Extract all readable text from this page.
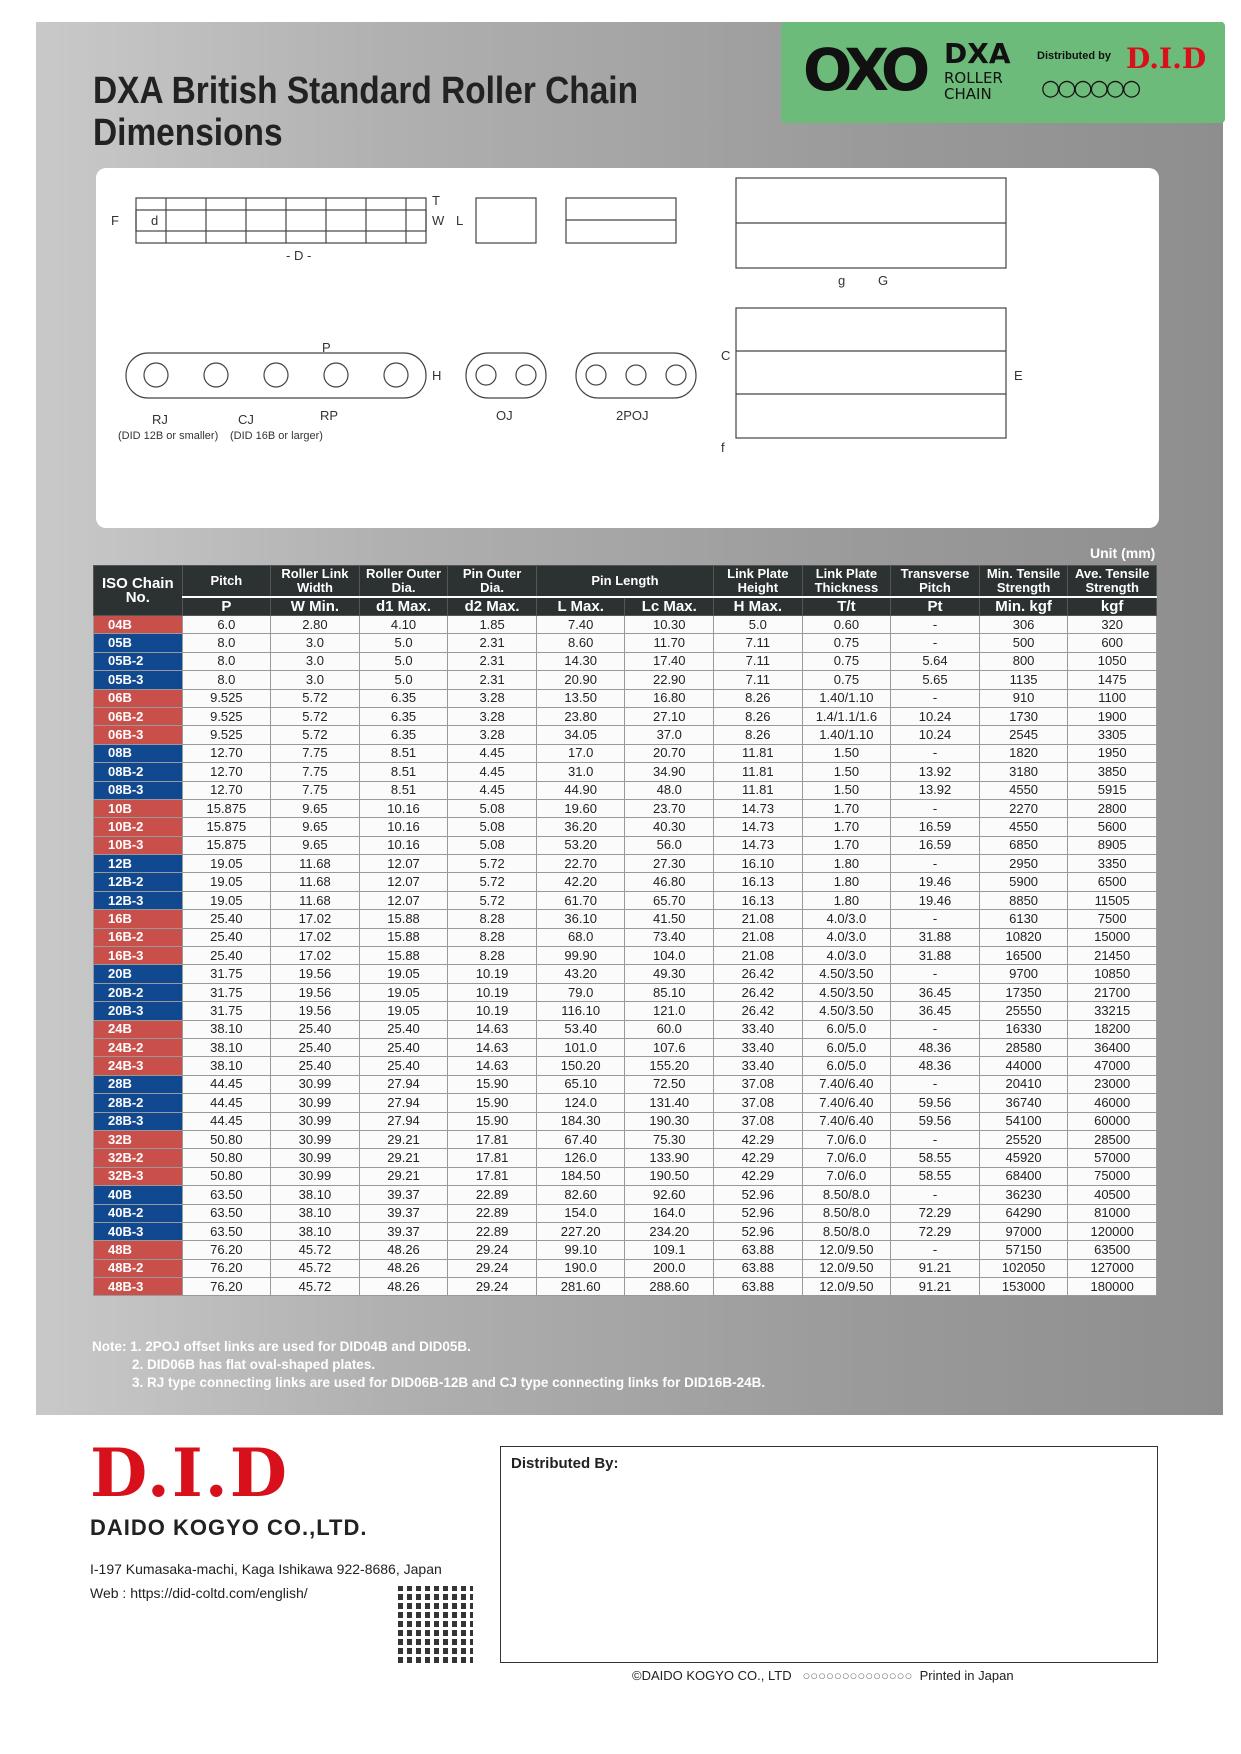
DXA British Standard Roller Chain
Dimensions
OXO DXA
ROLLER
CHAIN
Distributed by D.I.D
○○○○○○
RJ	CJ	RP	OJ	2POJ
P
H	E
L
F
C
f
g	G
T
W
d
- D -
(DID 12B or smaller) (DID 16B or larger)
Unit (mm)
ISO Chain No.	Pitch	Roller Link Width	Roller Outer Dia.	Pin Outer Dia.	Pin Length		Link Plate Height	Link Plate Thickness	Transverse Pitch	Min. Tensile Strength	Ave. Tensile Strength
	P	W Min.	d1 Max.	d2 Max.	L Max.	Lc Max.	H Max.	T/t	Pt	Min. kgf	kgf
04B	6.0	2.80	4.10	1.85	7.40	10.30	5.0	0.60	-	306	320
05B	8.0	3.0	5.0	2.31	8.60	11.70	7.11	0.75	-	500	600
05B-2	8.0	3.0	5.0	2.31	14.30	17.40	7.11	0.75	5.64	800	1050
05B-3	8.0	3.0	5.0	2.31	20.90	22.90	7.11	0.75	5.65	1135	1475
06B	9.525	5.72	6.35	3.28	13.50	16.80	8.26	1.40/1.10	-	910	1100
06B-2	9.525	5.72	6.35	3.28	23.80	27.10	8.26	1.4/1.1/1.6	10.24	1730	1900
06B-3	9.525	5.72	6.35	3.28	34.05	37.0	8.26	1.40/1.10	10.24	2545	3305
08B	12.70	7.75	8.51	4.45	17.0	20.70	11.81	1.50	-	1820	1950
08B-2	12.70	7.75	8.51	4.45	31.0	34.90	11.81	1.50	13.92	3180	3850
08B-3	12.70	7.75	8.51	4.45	44.90	48.0	11.81	1.50	13.92	4550	5915
10B	15.875	9.65	10.16	5.08	19.60	23.70	14.73	1.70	-	2270	2800
10B-2	15.875	9.65	10.16	5.08	36.20	40.30	14.73	1.70	16.59	4550	5600
10B-3	15.875	9.65	10.16	5.08	53.20	56.0	14.73	1.70	16.59	6850	8905
12B	19.05	11.68	12.07	5.72	22.70	27.30	16.10	1.80	-	2950	3350
12B-2	19.05	11.68	12.07	5.72	42.20	46.80	16.13	1.80	19.46	5900	6500
12B-3	19.05	11.68	12.07	5.72	61.70	65.70	16.13	1.80	19.46	8850	11505
16B	25.40	17.02	15.88	8.28	36.10	41.50	21.08	4.0/3.0	-	6130	7500
16B-2	25.40	17.02	15.88	8.28	68.0	73.40	21.08	4.0/3.0	31.88	10820	15000
16B-3	25.40	17.02	15.88	8.28	99.90	104.0	21.08	4.0/3.0	31.88	16500	21450
20B	31.75	19.56	19.05	10.19	43.20	49.30	26.42	4.50/3.50	-	9700	10850
20B-2	31.75	19.56	19.05	10.19	79.0	85.10	26.42	4.50/3.50	36.45	17350	21700
20B-3	31.75	19.56	19.05	10.19	116.10	121.0	26.42	4.50/3.50	36.45	25550	33215
24B	38.10	25.40	25.40	14.63	53.40	60.0	33.40	6.0/5.0	-	16330	18200
24B-2	38.10	25.40	25.40	14.63	101.0	107.6	33.40	6.0/5.0	48.36	28580	36400
24B-3	38.10	25.40	25.40	14.63	150.20	155.20	33.40	6.0/5.0	48.36	44000	47000
28B	44.45	30.99	27.94	15.90	65.10	72.50	37.08	7.40/6.40	-	20410	23000
28B-2	44.45	30.99	27.94	15.90	124.0	131.40	37.08	7.40/6.40	59.56	36740	46000
28B-3	44.45	30.99	27.94	15.90	184.30	190.30	37.08	7.40/6.40	59.56	54100	60000
32B	50.80	30.99	29.21	17.81	67.40	75.30	42.29	7.0/6.0	-	25520	28500
32B-2	50.80	30.99	29.21	17.81	126.0	133.90	42.29	7.0/6.0	58.55	45920	57000
32B-3	50.80	30.99	29.21	17.81	184.50	190.50	42.29	7.0/6.0	58.55	68400	75000
40B	63.50	38.10	39.37	22.89	82.60	92.60	52.96	8.50/8.0	-	36230	40500
40B-2	63.50	38.10	39.37	22.89	154.0	164.0	52.96	8.50/8.0	72.29	64290	81000
40B-3	63.50	38.10	39.37	22.89	227.20	234.20	52.96	8.50/8.0	72.29	97000	120000
48B	76.20	45.72	48.26	29.24	99.10	109.1	63.88	12.0/9.50	-	57150	63500
48B-2	76.20	45.72	48.26	29.24	190.0	200.0	63.88	12.0/9.50	91.21	102050	127000
48B-3	76.20	45.72	48.26	29.24	281.60	288.60	63.88	12.0/9.50	91.21	153000	180000
Note: 1. 2POJ offset links are used for DID04B and DID05B.
2. DID06B has flat oval-shaped plates.
3. RJ type connecting links are used for DID06B-12B and CJ type connecting links for DID16B-24B.
D.I.D
DAIDO KOGYO CO.,LTD.
I-197 Kumasaka-machi, Kaga Ishikawa 922-8686, Japan
Web : https://did-coltd.com/english/
Distributed By:
©DAIDO KOGYO CO., LTD ○○○○○○○○○○○○○○ Printed in Japan
